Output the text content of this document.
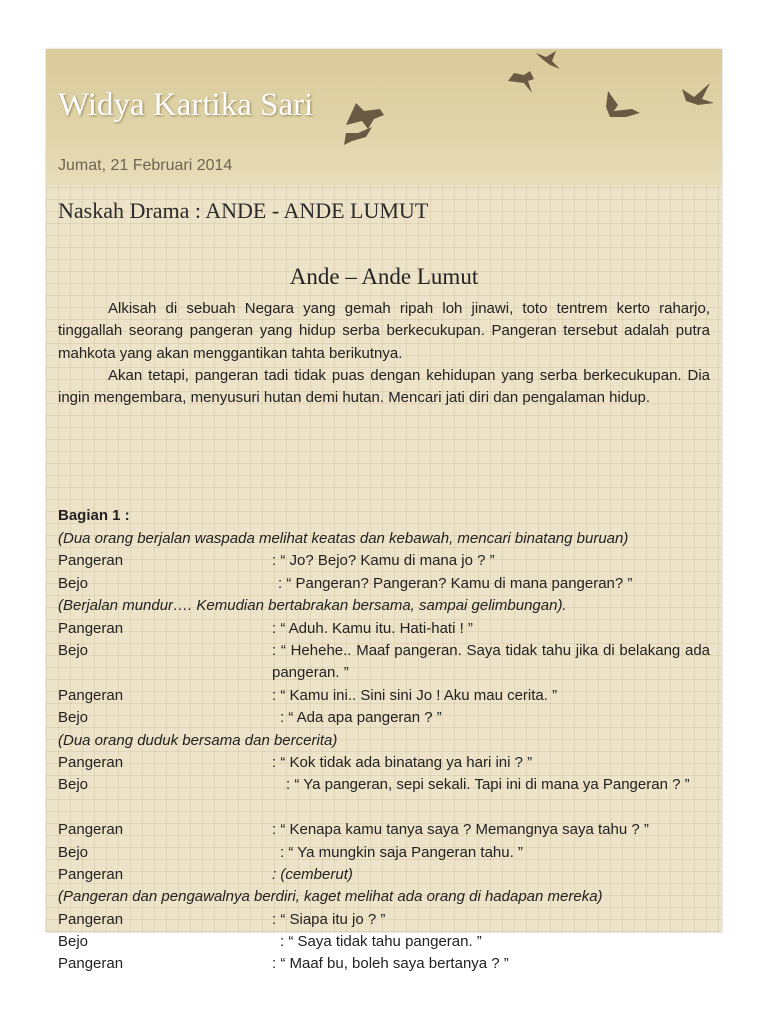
Widya Kartika Sari
Jumat, 21 Februari 2014
Naskah Drama : ANDE - ANDE LUMUT
Ande – Ande Lumut

Alkisah di sebuah Negara yang gemah ripah loh jinawi, toto tentrem kerto raharjo, tinggallah seorang pangeran yang hidup serba berkecukupan. Pangeran tersebut adalah putra mahkota yang akan menggantikan tahta berikutnya.

Akan tetapi, pangeran tadi tidak puas dengan kehidupan yang serba berkecukupan. Dia ingin mengembara, menyusuri hutan demi hutan. Mencari jati diri dan pengalaman hidup.

Bagian 1 :
(Dua orang berjalan waspada melihat keatas dan kebawah, mencari binatang buruan)
Pangeran	: “ Jo? Bejo? Kamu di mana jo ? ”
Bejo	: “ Pangeran? Pangeran? Kamu di mana pangeran? ”
(Berjalan mundur…. Kemudian bertabrakan bersama, sampai gelimbungan).
Pangeran	: “ Aduh. Kamu itu. Hati-hati ! ”
Bejo	: “ Hehehe.. Maaf pangeran. Saya tidak tahu jika di belakang ada pangeran. ”
Pangeran	: “ Kamu ini.. Sini sini Jo ! Aku mau cerita. ”
Bejo	: “ Ada apa pangeran ? ”
(Dua orang duduk bersama dan bercerita)
Pangeran	: “ Kok tidak ada binatang ya hari ini ? ”
Bejo	: “ Ya pangeran, sepi sekali. Tapi ini di mana ya Pangeran ? ”
Pangeran	: “ Kenapa kamu tanya saya ? Memangnya saya tahu ? ”
Bejo	: “ Ya mungkin saja Pangeran tahu. ”
Pangeran	: (cemberut)
(Pangeran dan pengawalnya berdiri, kaget melihat ada orang di hadapan mereka)
Pangeran	: “ Siapa itu jo ? ”
Bejo	: “ Saya tidak tahu pangeran. ”
Pangeran	: “ Maaf bu, boleh saya bertanya ? ”
